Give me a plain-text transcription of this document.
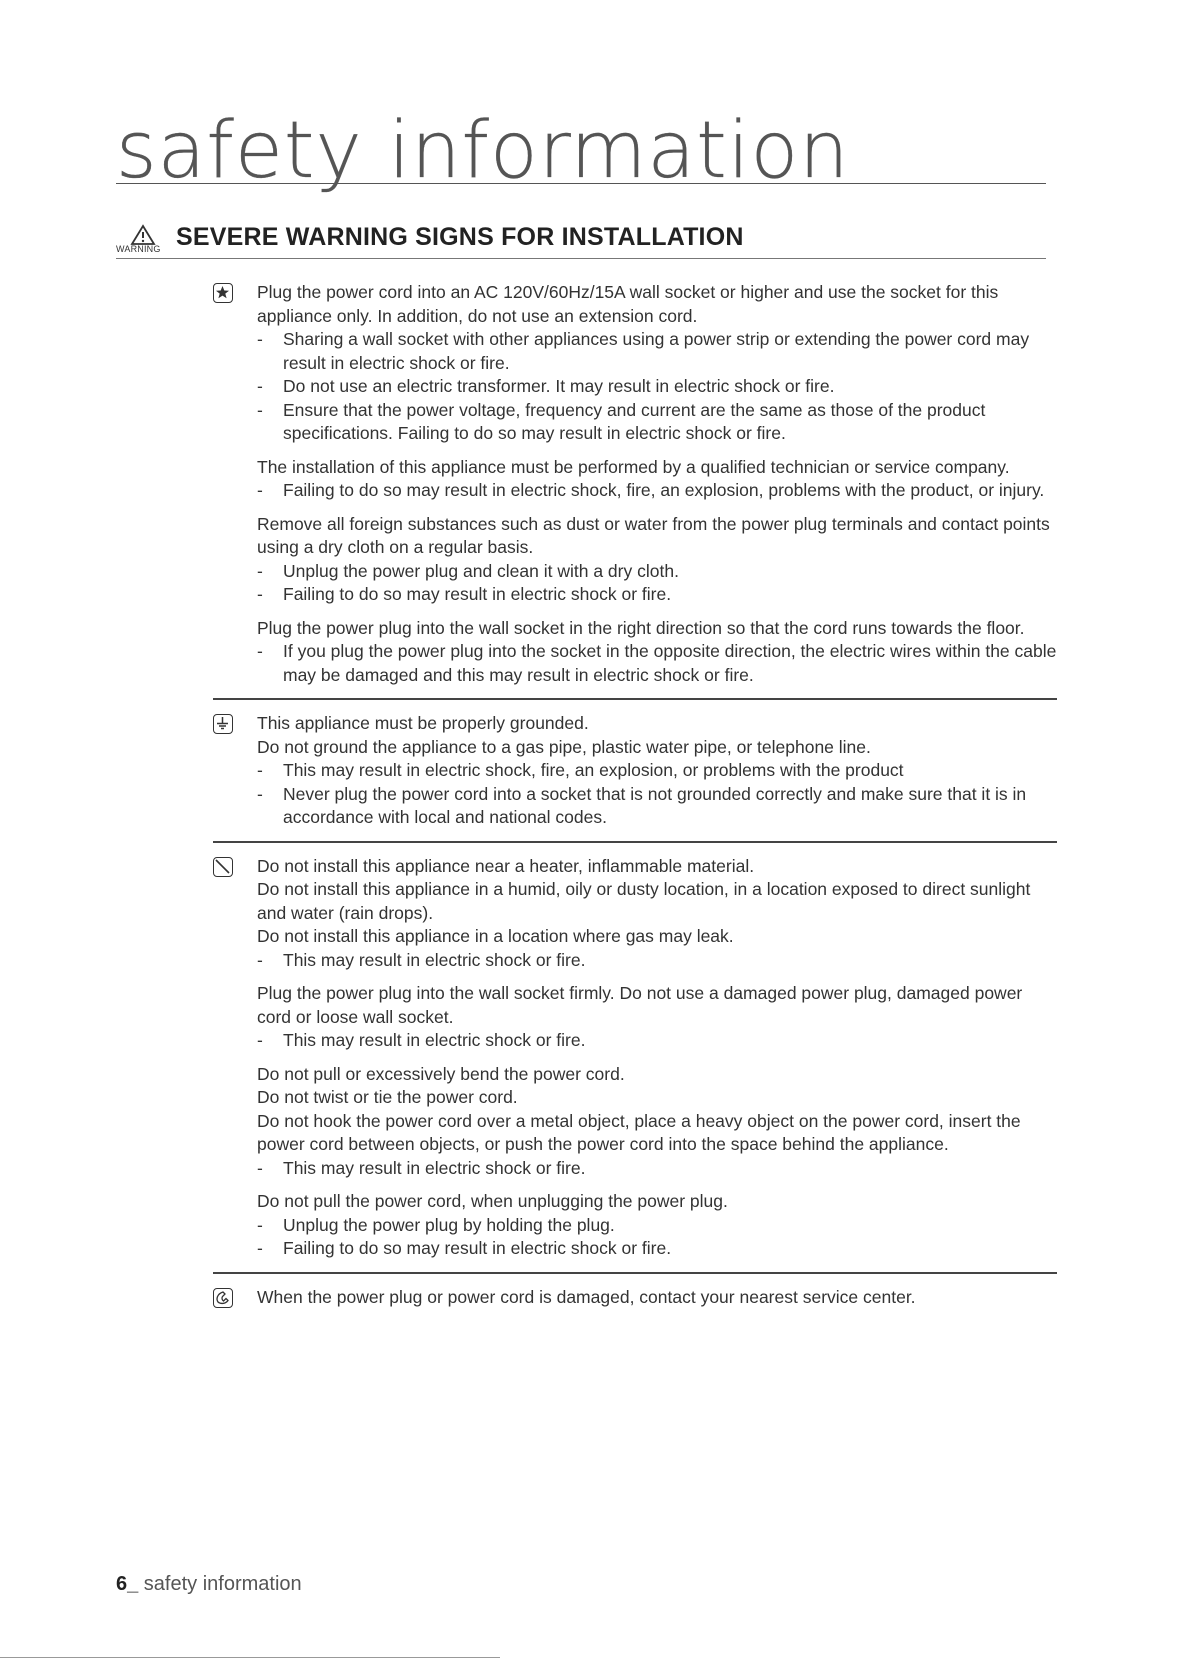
safety information
WARNING SEVERE WARNING SIGNS FOR INSTALLATION

Plug the power cord into an AC 120V/60Hz/15A wall socket or higher and use the socket for this appliance only. In addition, do not use an extension cord.

- Sharing a wall socket with other appliances using a power strip or extending the power cord may result in electric shock or fire.

- Do not use an electric transformer. It may result in electric shock or fire.

- Ensure that the power voltage, frequency and current are the same as those of the product specifications. Failing to do so may result in electric shock or fire.

The installation of this appliance must be performed by a qualified technician or service company.

- Failing to do so may result in electric shock, fire, an explosion, problems with the product, or injury.

Remove all foreign substances such as dust or water from the power plug terminals and contact points using a dry cloth on a regular basis.

- Unplug the power plug and clean it with a dry cloth.

- Failing to do so may result in electric shock or fire.

Plug the power plug into the wall socket in the right direction so that the cord runs towards the floor.

- If you plug the power plug into the socket in the opposite direction, the electric wires within the cable may be damaged and this may result in electric shock or fire.

This appliance must be properly grounded.

Do not ground the appliance to a gas pipe, plastic water pipe, or telephone line.

- This may result in electric shock, fire, an explosion, or problems with the product

- Never plug the power cord into a socket that is not grounded correctly and make sure that it is in accordance with local and national codes.

Do not install this appliance near a heater, inflammable material.

Do not install this appliance in a humid, oily or dusty location, in a location exposed to direct sunlight and water (rain drops).

Do not install this appliance in a location where gas may leak.

- This may result in electric shock or fire.

Plug the power plug into the wall socket firmly. Do not use a damaged power plug, damaged power cord or loose wall socket.

- This may result in electric shock or fire.

Do not pull or excessively bend the power cord.

Do not twist or tie the power cord.

Do not hook the power cord over a metal object, place a heavy object on the power cord, insert the power cord between objects, or push the power cord into the space behind the appliance.

- This may result in electric shock or fire.

Do not pull the power cord, when unplugging the power plug.

- Unplug the power plug by holding the plug.

- Failing to do so may result in electric shock or fire.

When the power plug or power cord is damaged, contact your nearest service center.

6_ safety information
